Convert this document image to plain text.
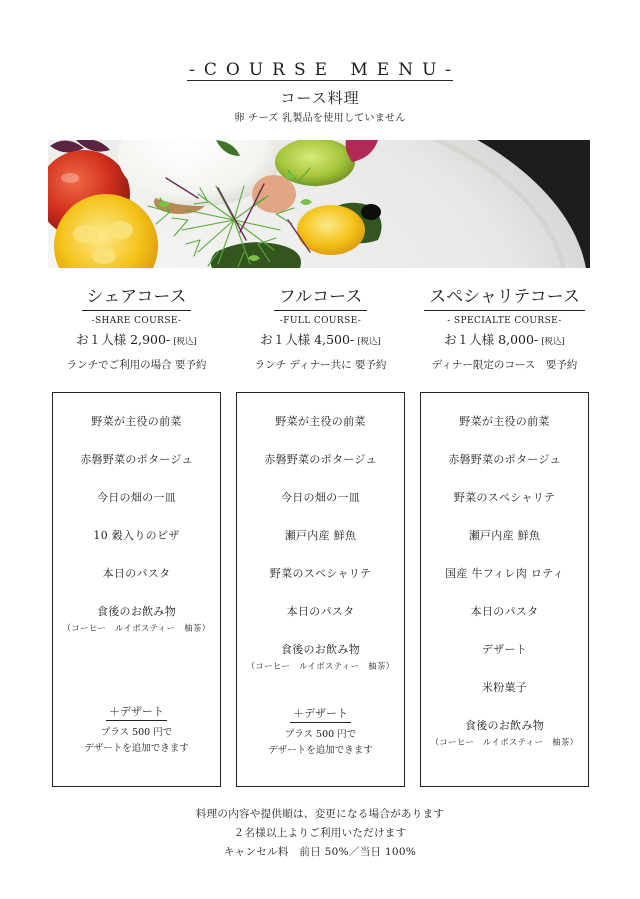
-COURSE MENU-
コース料理
卵 チーズ 乳製品を使用していません
シェアコース
-SHARE COURSE-
お１人様 2,900- [税込]
ランチでご利用の場合 要予約
フルコース
-FULL COURSE-
お１人様 4,500- [税込]
ランチ ディナー共に 要予約
スペシャリテコース
- SPECIALTE COURSE-
お１人様 8,000- [税込]
ディナー限定のコース　要予約
野菜が主役の前菜
赤磐野菜のポタージュ
今日の畑の一皿
10 穀入りのピザ
本日のパスタ
食後のお飲み物
（コーヒー　ルイボスティー　柚茶）
＋デザート
プラス 500 円で
デザートを追加できます
野菜が主役の前菜
赤磐野菜のポタージュ
今日の畑の一皿
瀬戸内産 鮮魚
野菜のスペシャリテ
本日のパスタ
食後のお飲み物
（コーヒー　ルイボスティー　柚茶）
＋デザート
プラス 500 円で
デザートを追加できます
野菜が主役の前菜
赤磐野菜のポタージュ
野菜のスペシャリテ
瀬戸内産 鮮魚
国産 牛フィレ肉 ロティ
本日のパスタ
デザート
米粉菓子
食後のお飲み物
（コーヒー　ルイボスティー　柚茶）
料理の内容や提供順は、変更になる場合があります
２名様以上よりご利用いただけます
キャンセル料　前日 50%／当日 100%
